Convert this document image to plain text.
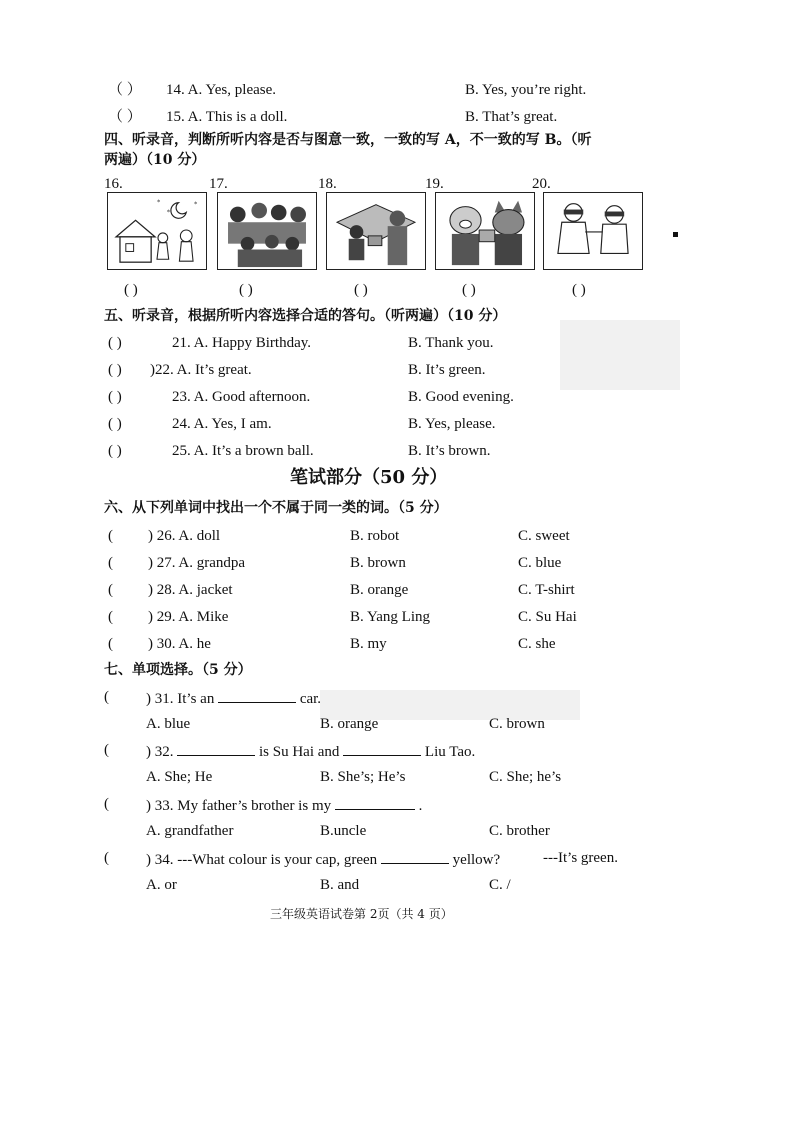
（ ） 14. A. Yes, please.	B. Yes, you’re right.
（ ） 15. A. This is a doll.	B. That’s great.
四、听录音，判断所听内容是否与图意一致，一致的写 A，不一致的写 B。（听
两遍）（10 分）
16.	17.	18.	19.	20.
*
*
*
( )	( )	( )	( )	( )
五、听录音，根据所听内容选择合适的答句。（听两遍）（10 分）
( )	21. A. Happy Birthday.	B. Thank you.
( ) )22. A. It’s great.	B. It’s green.
( )	23. A. Good afternoon.	B. Good evening.
( )	24. A. Yes, I am.	B. Yes, please.
( )	25. A. It’s a brown ball.	B. It’s brown.
笔试部分（50 分）
六、从下列单词中找出一个不属于同一类的词。（5 分）
( ) 26. A. doll	B. robot	C. sweet
( ) 27. A. grandpa	B. brown	C. blue
( ) 28. A. jacket	B. orange	C. T-shirt
( ) 29. A. Mike	B. Yang Ling	C. Su Hai
( ) 30. A. he	B. my	C. she
七、单项选择。（5 分）
( ) 31. It’s an	car.
A. blue	B. orange	C. brown
( ) 32.	is Su Hai and	Liu Tao.
A. She; He	B. She’s; He’s	C. She; he’s
( ) 33. My father’s brother is my	.
A. grandfather	B.uncle	C. brother
( ) 34. ---What colour is your cap, green	yellow?	---It’s green.
A. or	B. and	C. /
三年级英语试卷第 2页（共 4 页）
